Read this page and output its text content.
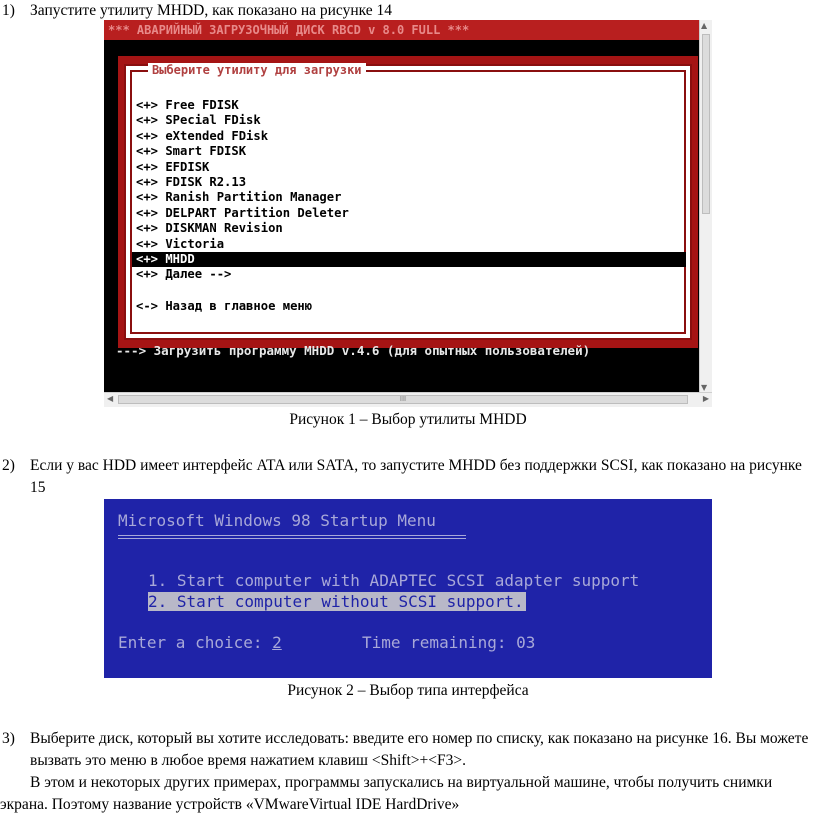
1) Запустите утилиту MHDD, как показано на рисунке 14
*** АВАРИЙНЫЙ ЗАГРУЗОЧНЫЙ ДИСК RBCD v 8.0 FULL ***
Выберите утилиту для загрузки
<+> Free FDISK
<+> SPecial FDisk
<+> eXtended FDisk
<+> Smart FDISK
<+> EFDISK
<+> FDISK R2.13
<+> Ranish Partition Manager
<+> DELPART Partition Deleter
<+> DISKMAN Revision
<+> Victoria
<+> MHDD
<+> Далее -->
<-> Назад в главное меню
---> Загрузить программу MHDD v.4.6 (для опытных пользователей)
▲
▼
◀	III	▶
Рисунок 1 – Выбор утилиты MHDD
2) Если у вас HDD имеет интерфейс ATA или SATA, то запустите MHDD без поддержки SCSI, как показано на рисунке 15
Microsoft Windows 98 Startup Menu
1. Start computer with ADAPTEC SCSI adapter support
2. Start computer without SCSI support.
Enter a choice: 2	Time remaining: 03
Рисунок 2 – Выбор типа интерфейса
3) Выберите диск, который вы хотите исследовать: введите его номер по списку, как показано на рисунке 16. Вы можете вызвать это меню в любое время нажатием клавиш <Shift>+<F3>.
В этом и некоторых других примерах, программы запускались на виртуальной машине, чтобы получить снимки экрана. Поэтому название устройств «VMwareVirtual IDE HardDrive»
